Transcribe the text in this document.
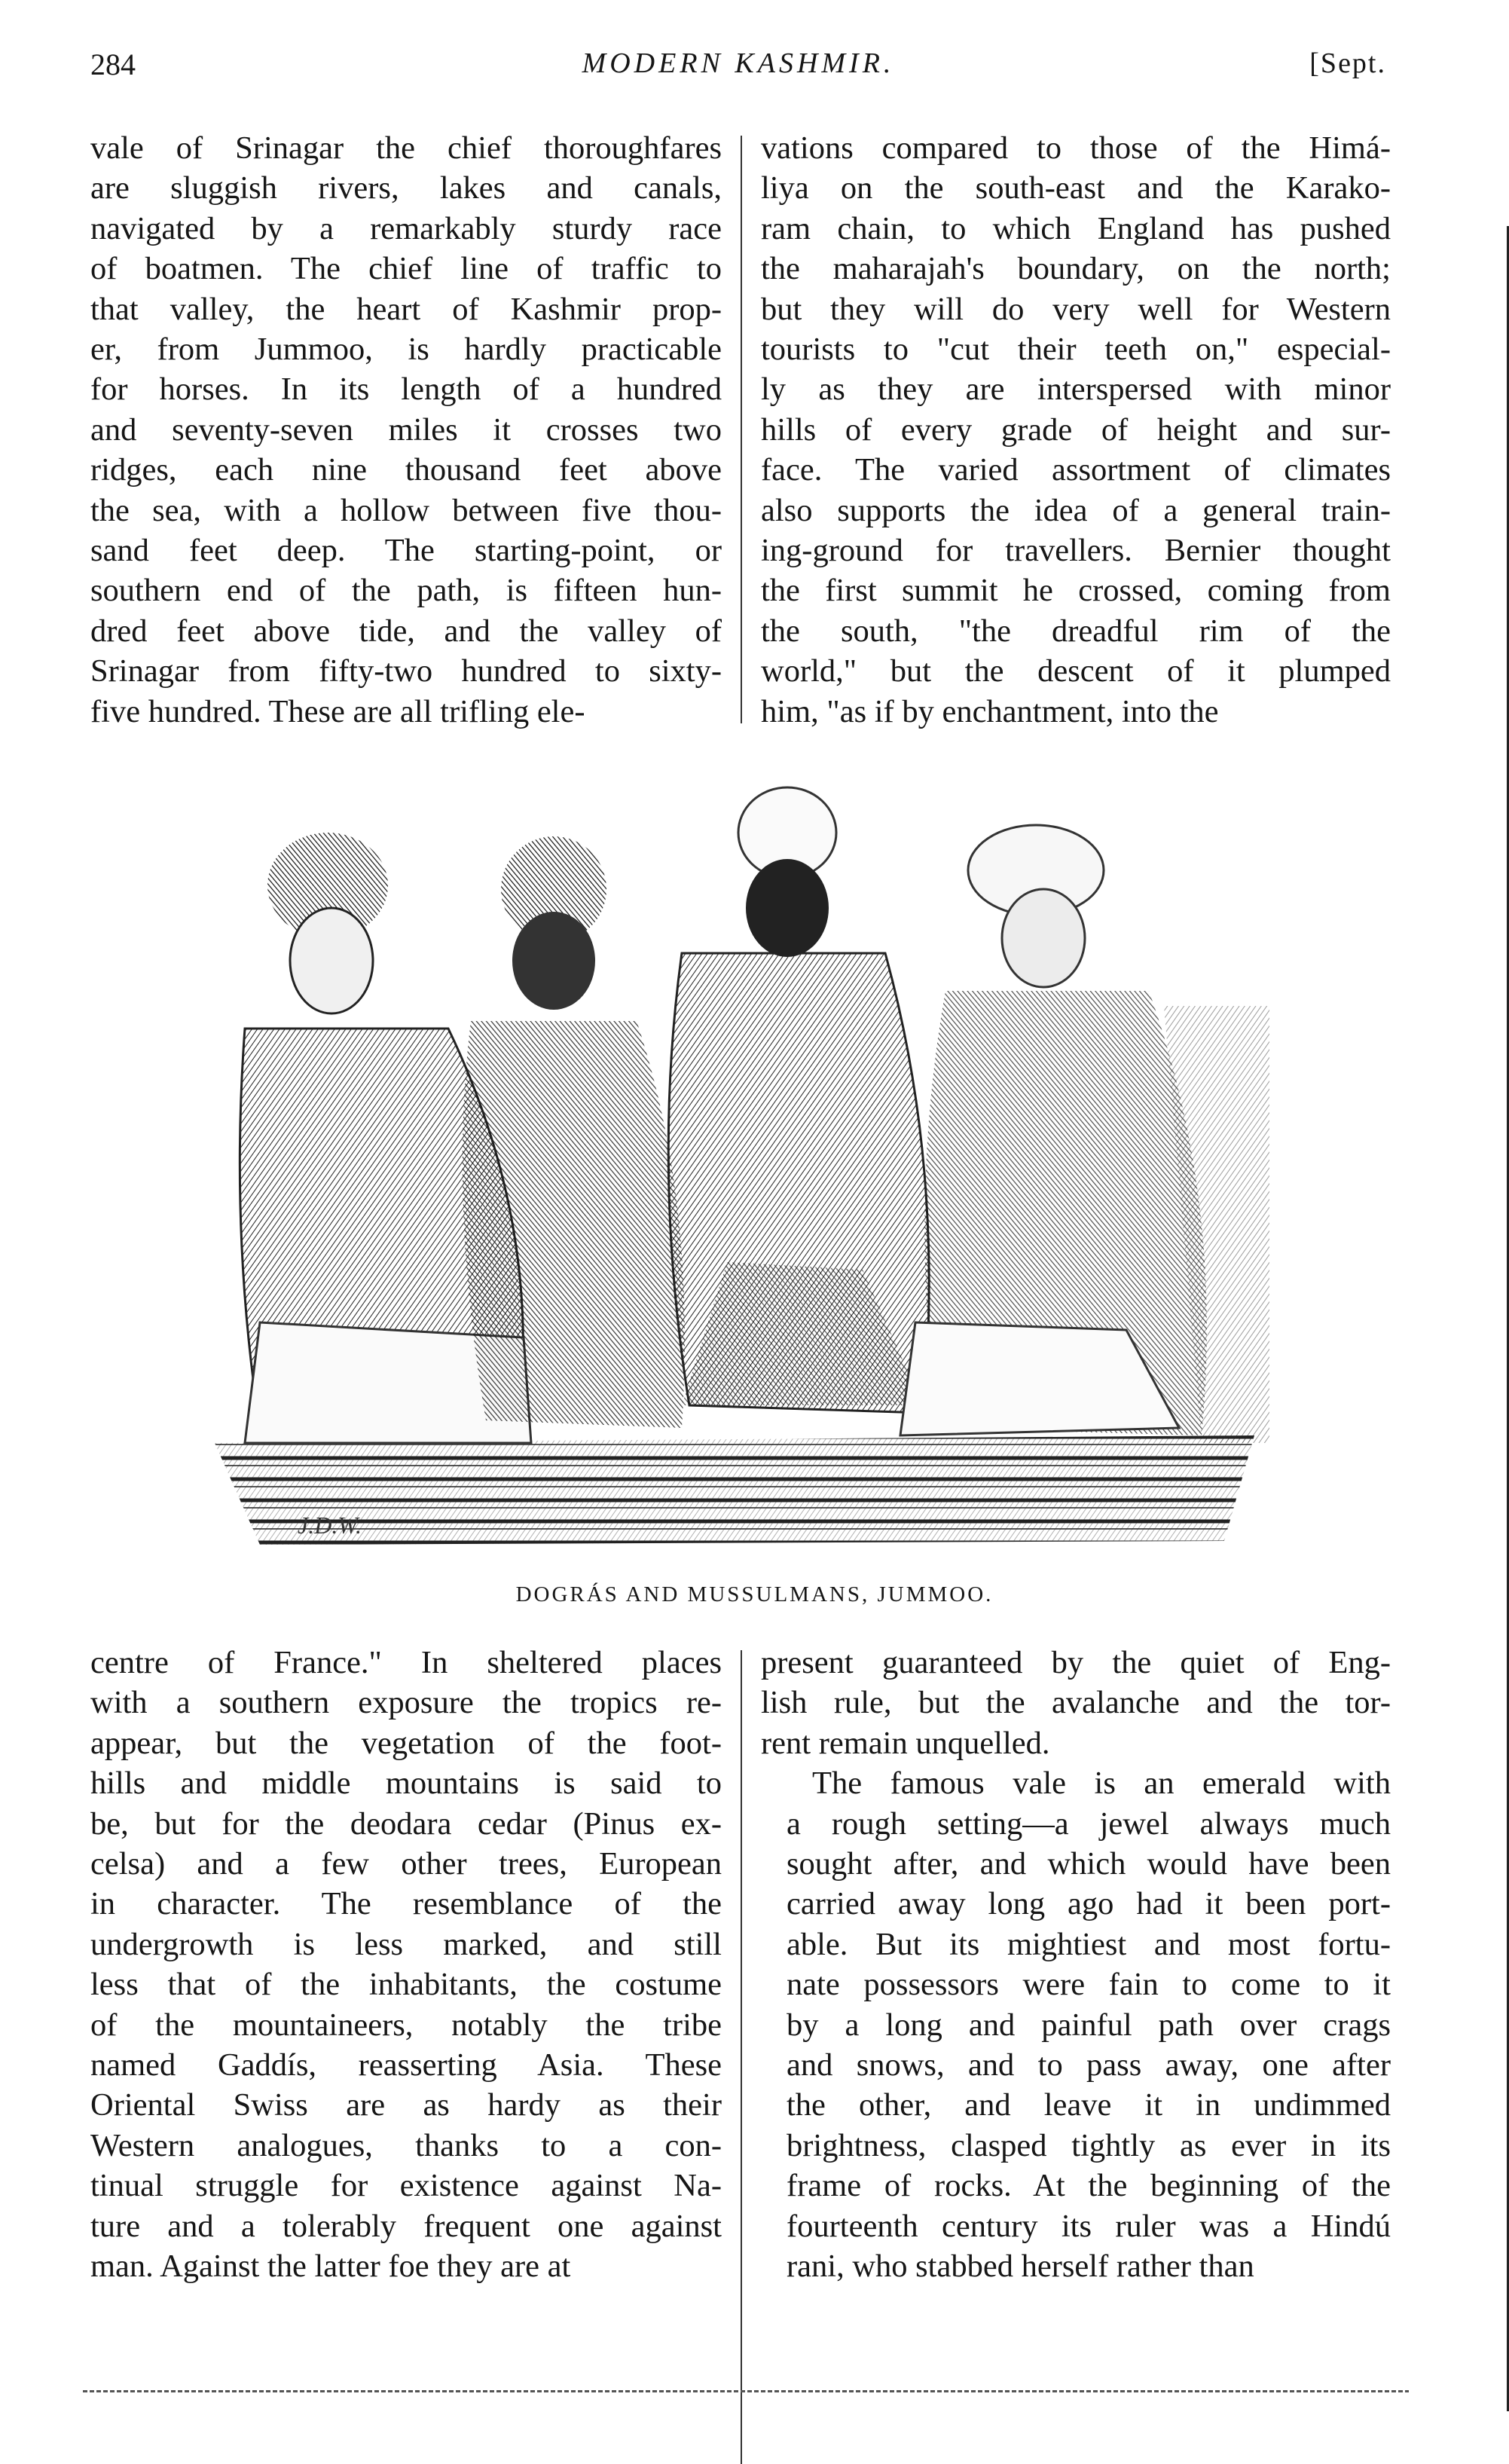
284	MODERN KASHMIR.	[Sept.
vale of Srinagar the chief thoroughfares
are sluggish rivers, lakes and canals,
navigated by a remarkably sturdy race
of boatmen. The chief line of traffic to
that valley, the heart of Kashmir prop-
er, from Jummoo, is hardly practicable
for horses. In its length of a hundred
and seventy-seven miles it crosses two
ridges, each nine thousand feet above
the sea, with a hollow between five thou-
sand feet deep. The starting-point, or
southern end of the path, is fifteen hun-
dred feet above tide, and the valley of
Srinagar from fifty-two hundred to sixty-
five hundred. These are all trifling ele-
vations compared to those of the Himá-
liya on the south-east and the Karako-
ram chain, to which England has pushed
the maharajah's boundary, on the north;
but they will do very well for Western
tourists to "cut their teeth on," especial-
ly as they are interspersed with minor
hills of every grade of height and sur-
face. The varied assortment of climates
also supports the idea of a general train-
ing-ground for travellers. Bernier thought
the first summit he crossed, coming from
the south, "the dreadful rim of the
world," but the descent of it plumped
him, "as if by enchantment, into the
J.D.W.
DOGRÁS AND MUSSULMANS, JUMMOO.
centre of France." In sheltered places
with a southern exposure the tropics re-
appear, but the vegetation of the foot-
hills and middle mountains is said to
be, but for the deodara cedar (Pinus ex-
celsa) and a few other trees, European
in character. The resemblance of the
undergrowth is less marked, and still
less that of the inhabitants, the costume
of the mountaineers, notably the tribe
named Gaddís, reasserting Asia. These
Oriental Swiss are as hardy as their
Western analogues, thanks to a con-
tinual struggle for existence against Na-
ture and a tolerably frequent one against
man. Against the latter foe they are at
present guaranteed by the quiet of Eng-
lish rule, but the avalanche and the tor-
rent remain unquelled.
The famous vale is an emerald with
a rough setting—a jewel always much
sought after, and which would have been
carried away long ago had it been port-
able. But its mightiest and most fortu-
nate possessors were fain to come to it
by a long and painful path over crags
and snows, and to pass away, one after
the other, and leave it in undimmed
brightness, clasped tightly as ever in its
frame of rocks. At the beginning of the
fourteenth century its ruler was a Hindú
rani, who stabbed herself rather than
